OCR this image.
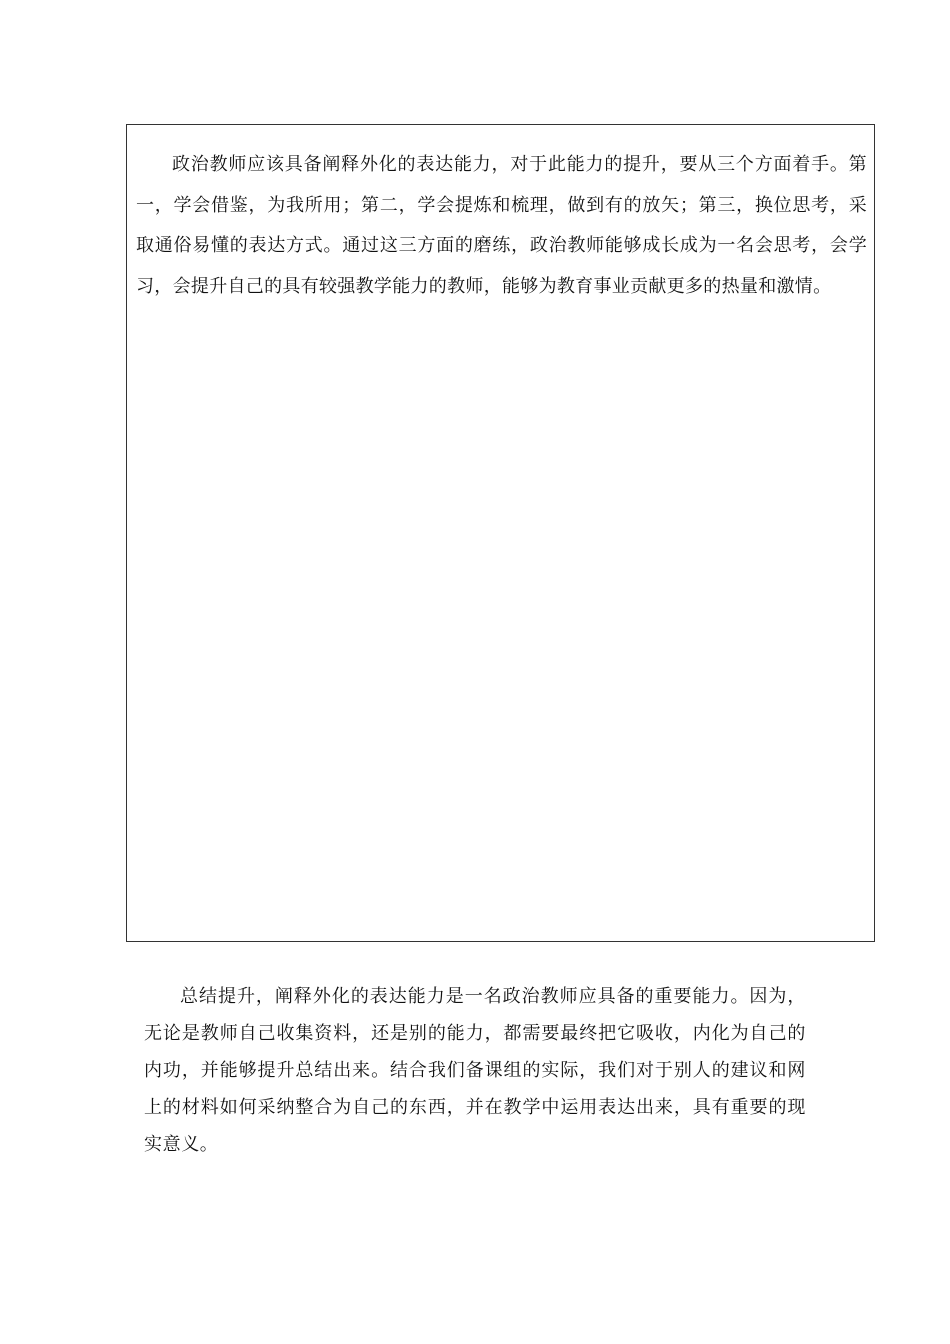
政治教师应该具备阐释外化的表达能力，对于此能力的提升，要从三个方面着手。第一，学会借鉴，为我所用；第二，学会提炼和梳理，做到有的放矢；第三，换位思考，采取通俗易懂的表达方式。通过这三方面的磨练，政治教师能够成长成为一名会思考，会学习，会提升自己的具有较强教学能力的教师，能够为教育事业贡献更多的热量和激情。

总结提升，阐释外化的表达能力是一名政治教师应具备的重要能力。因为，无论是教师自己收集资料，还是别的能力，都需要最终把它吸收，内化为自己的内功，并能够提升总结出来。结合我们备课组的实际，我们对于别人的建议和网上的材料如何采纳整合为自己的东西，并在教学中运用表达出来，具有重要的现实意义。
